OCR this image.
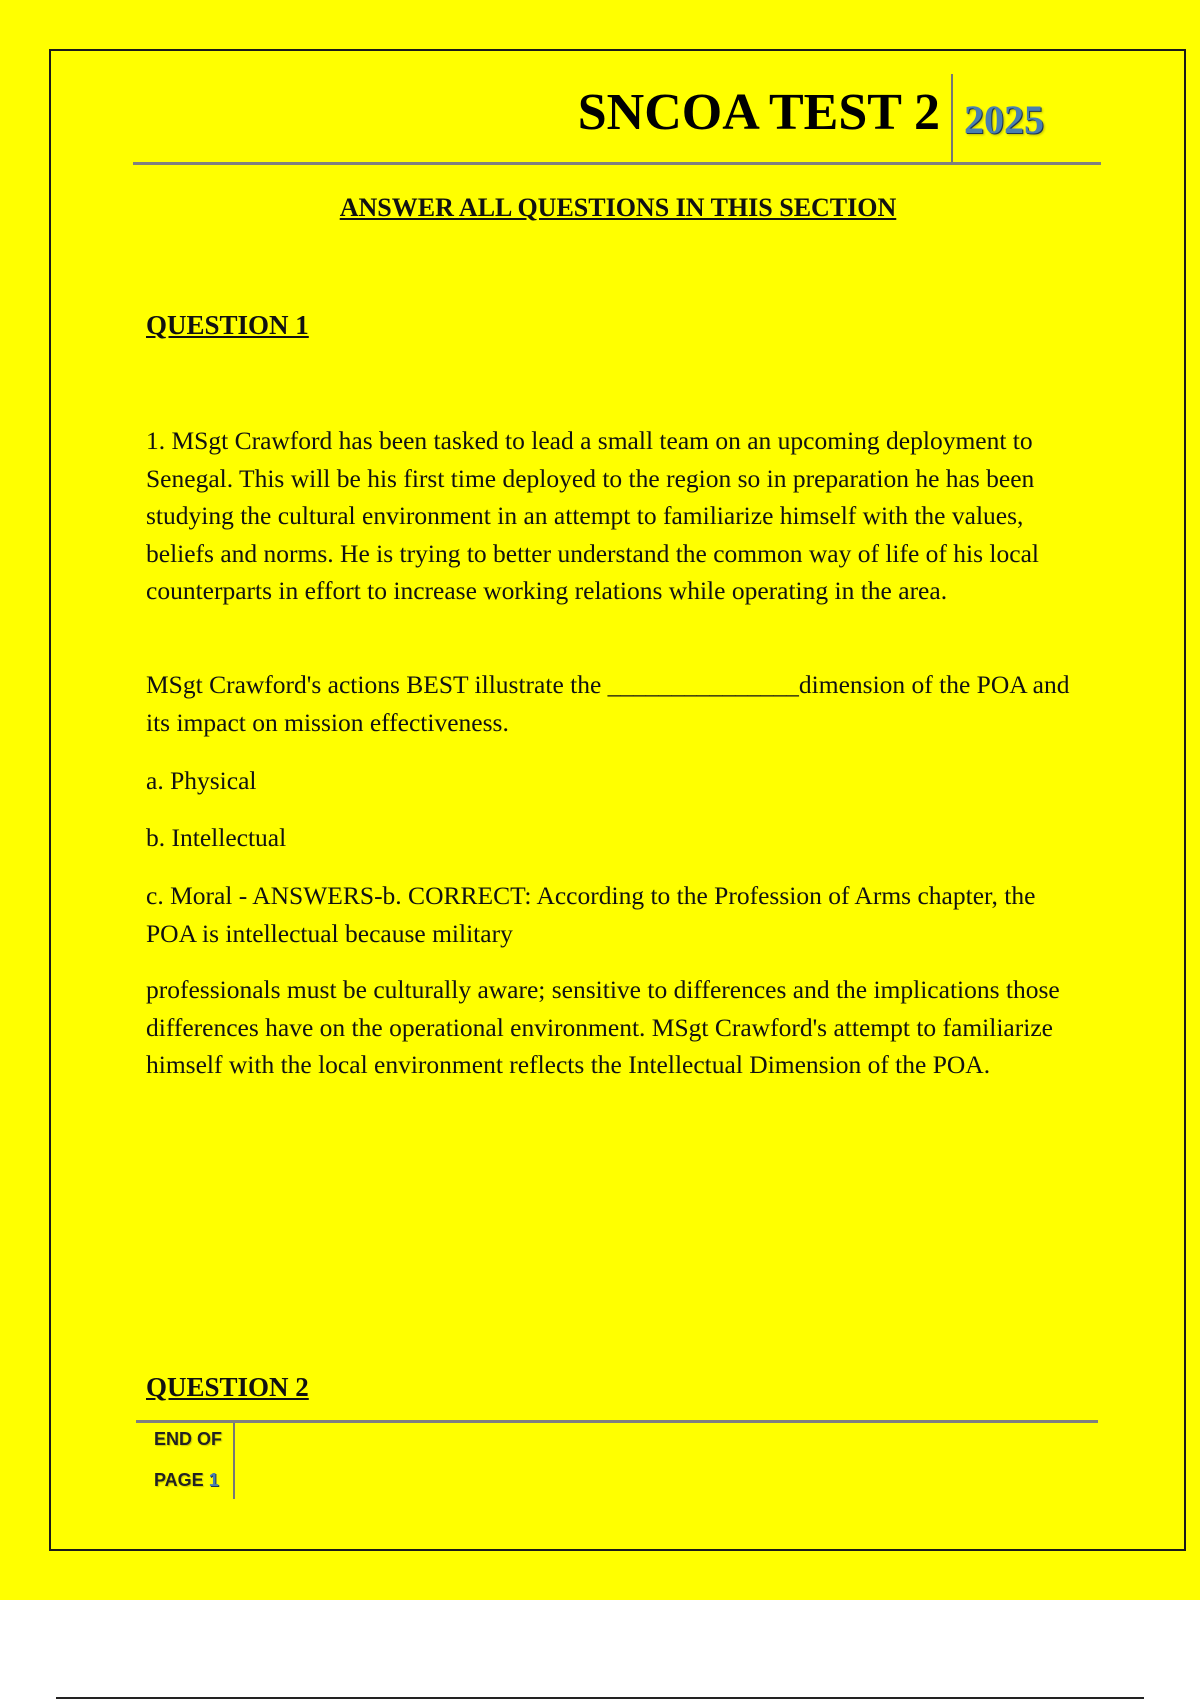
SNCOA TEST 2 2025
ANSWER ALL QUESTIONS IN THIS SECTION
QUESTION 1

1. MSgt Crawford has been tasked to lead a small team on an upcoming deployment to Senegal. This will be his first time deployed to the region so in preparation he has been studying the cultural environment in an attempt to familiarize himself with the values, beliefs and norms. He is trying to better understand the common way of life of his local counterparts in effort to increase working relations while operating in the area.

MSgt Crawford's actions BEST illustrate the _______________dimension of the POA and its impact on mission effectiveness.

a. Physical

b. Intellectual

c. Moral - ANSWERS-b. CORRECT: According to the Profession of Arms chapter, the POA is intellectual because military

professionals must be culturally aware; sensitive to differences and the implications those differences have on the operational environment. MSgt Crawford's attempt to familiarize himself with the local environment reflects the Intellectual Dimension of the POA.

QUESTION 2
END OF
PAGE 1
